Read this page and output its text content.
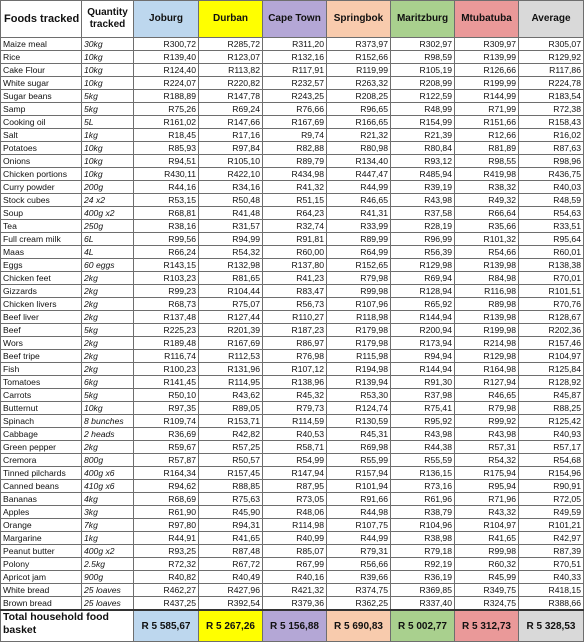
Foods tracked	Quantity tracked	Joburg	Durban	Cape Town	Springbok	Maritzburg	Mtubatuba	Average
Maize meal	30kg	R300,72	R285,72	R311,20	R373,97	R302,97	R309,97	R305,07
Rice	10kg	R139,40	R123,07	R132,16	R152,66	R98,59	R139,99	R129,92
Cake Flour	10kg	R124,40	R113,82	R117,91	R119,99	R105,19	R126,66	R117,86
White sugar	10kg	R224,07	R220,82	R232,57	R263,32	R208,99	R199,99	R224,78
Sugar beans	5kg	R188,89	R147,78	R243,25	R208,25	R122,59	R144,99	R183,54
Samp	5kg	R75,26	R69,24	R76,66	R96,65	R48,99	R71,99	R72,38
Cooking oil	5L	R161,02	R147,66	R167,69	R166,65	R154,99	R151,66	R158,43
Salt	1kg	R18,45	R17,16	R9,74	R21,32	R21,39	R12,66	R16,02
Potatoes	10kg	R85,93	R97,84	R82,88	R80,98	R80,84	R81,89	R87,63
Onions	10kg	R94,51	R105,10	R89,79	R134,40	R93,12	R98,55	R98,96
Chicken portions	10kg	R430,11	R422,10	R434,98	R447,47	R485,94	R419,98	R436,75
Curry powder	200g	R44,16	R34,16	R41,32	R44,99	R39,19	R38,32	R40,03
Stock cubes	24 x2	R53,15	R50,48	R51,15	R46,65	R43,98	R49,32	R48,59
Soup	400g x2	R68,81	R41,48	R64,23	R41,31	R37,58	R66,64	R54,63
Tea	250g	R38,16	R31,57	R32,74	R33,99	R28,19	R35,66	R33,51
Full cream milk	6L	R99,56	R94,99	R91,81	R89,99	R96,99	R101,32	R95,64
Maas	4L	R66,24	R54,32	R60,00	R64,99	R56,39	R54,66	R60,01
Eggs	60 eggs	R143,15	R132,98	R137,80	R152,65	R129,98	R139,98	R138,38
Chicken feet	2kg	R103,23	R81,65	R41,23	R79,98	R69,94	R84,98	R70,01
Gizzards	2kg	R99,23	R104,44	R83,47	R99,98	R128,94	R116,98	R101,51
Chicken livers	2kg	R68,73	R75,07	R56,73	R107,96	R65,92	R89,98	R70,76
Beef liver	2kg	R137,48	R127,44	R110,27	R118,98	R144,94	R139,98	R128,67
Beef	5kg	R225,23	R201,39	R187,23	R179,98	R200,94	R199,98	R202,36
Wors	2kg	R189,48	R167,69	R86,97	R179,98	R173,94	R214,98	R157,46
Beef tripe	2kg	R116,74	R112,53	R76,98	R115,98	R94,94	R129,98	R104,97
Fish	2kg	R100,23	R131,96	R107,12	R194,98	R144,94	R164,98	R125,84
Tomatoes	6kg	R141,45	R114,95	R138,96	R139,94	R91,30	R127,94	R128,92
Carrots	5kg	R50,10	R43,62	R45,32	R53,30	R37,98	R46,65	R45,87
Butternut	10kg	R97,35	R89,05	R79,73	R124,74	R75,41	R79,98	R88,25
Spinach	8 bunches	R109,74	R153,71	R114,59	R130,59	R95,92	R99,92	R125,42
Cabbage	2 heads	R36,69	R42,82	R40,53	R45,31	R43,98	R43,98	R40,93
Green pepper	2kg	R59,67	R57,25	R58,71	R69,98	R44,38	R57,31	R57,17
Cremora	800g	R57,87	R50,57	R54,99	R55,99	R55,59	R54,32	R54,68
Tinned pilchards	400g x6	R164,34	R157,45	R147,94	R157,94	R136,15	R175,94	R154,96
Canned beans	410g x6	R94,62	R88,85	R87,95	R101,94	R73,16	R95,94	R90,91
Bananas	4kg	R68,69	R75,63	R73,05	R91,66	R61,96	R71,96	R72,05
Apples	3kg	R61,90	R45,90	R48,06	R44,98	R38,79	R43,32	R49,59
Orange	7kg	R97,80	R94,31	R114,98	R107,75	R104,96	R104,97	R101,21
Margarine	1kg	R44,91	R41,65	R40,99	R44,99	R38,98	R41,65	R42,97
Peanut butter	400g x2	R93,25	R87,48	R85,07	R79,31	R79,18	R99,98	R87,39
Polony	2.5kg	R72,32	R67,72	R67,99	R56,66	R92,19	R60,32	R70,51
Apricot jam	900g	R40,82	R40,49	R40,16	R39,66	R36,19	R45,99	R40,33
White bread	25 loaves	R462,27	R427,96	R421,32	R374,75	R369,85	R349,75	R418,15
Brown bread	25 loaves	R437,25	R392,54	R379,36	R362,25	R337,40	R324,75	R388,66
Total household food basket		R 5 585,67	R 5 267,26	R 5 156,88	R 5 690,83	R 5 002,77	R 5 312,73	R 5 328,53
